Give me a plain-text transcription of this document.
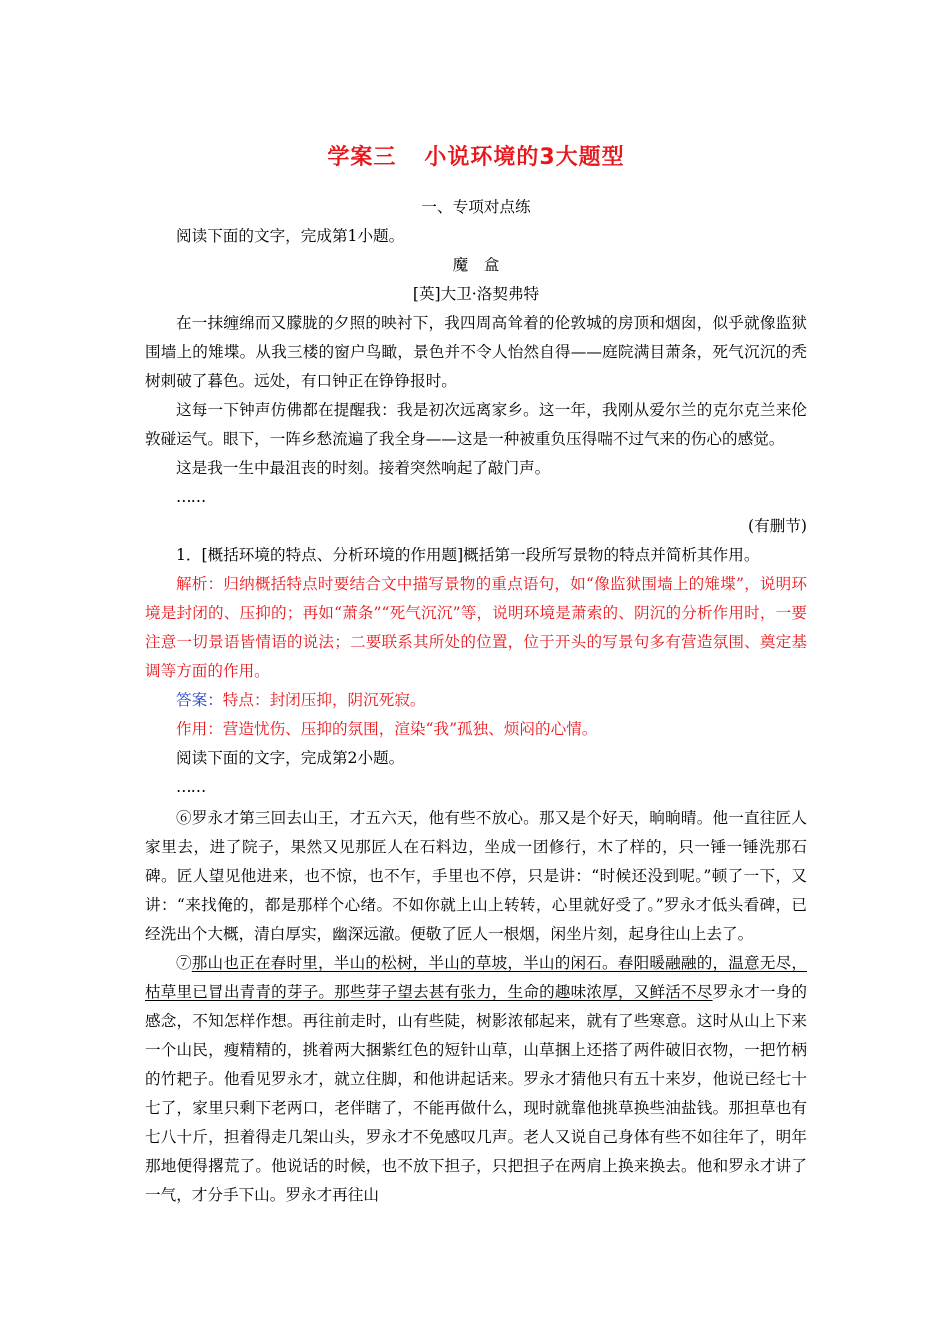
学案三 小说环境的3大题型

一、专项对点练

阅读下面的文字，完成第1小题。

魔　盒

[英]大卫·洛契弗特

在一抹缠绵而又朦胧的夕照的映衬下，我四周高耸着的伦敦城的房顶和烟囱，似乎就像监狱围墙上的雉堞。从我三楼的窗户鸟瞰，景色并不令人怡然自得——庭院满目萧条，死气沉沉的秃树刺破了暮色。远处，有口钟正在铮铮报时。

这每一下钟声仿佛都在提醒我：我是初次远离家乡。这一年，我刚从爱尔兰的克尔克兰来伦敦碰运气。眼下，一阵乡愁流遍了我全身——这是一种被重负压得喘不过气来的伤心的感觉。

这是我一生中最沮丧的时刻。接着突然响起了敲门声。

……

(有删节)

1．[概括环境的特点、分析环境的作用题]概括第一段所写景物的特点并简析其作用。

解析：归纳概括特点时要结合文中描写景物的重点语句，如“像监狱围墙上的雉堞”，说明环境是封闭的、压抑的；再如“萧条”“死气沉沉”等，说明环境是萧索的、阴沉的分析作用时，一要注意一切景语皆情语的说法；二要联系其所处的位置，位于开头的写景句多有营造氛围、奠定基调等方面的作用。

答案：特点：封闭压抑，阴沉死寂。

作用：营造忧伤、压抑的氛围，渲染“我”孤独、烦闷的心情。

阅读下面的文字，完成第2小题。

……

⑥罗永才第三回去山王，才五六天，他有些不放心。那又是个好天，晌晌晴。他一直往匠人家里去，进了院子，果然又见那匠人在石料边，坐成一团修行，木了样的，只一锤一锤洗那石碑。匠人望见他进来，也不惊，也不乍，手里也不停，只是讲：“时候还没到呢。”顿了一下，又讲：“来找俺的，都是那样个心绪。不如你就上山上转转，心里就好受了。”罗永才低头看碑，已经洗出个大概，清白厚实，幽深远澈。便敬了匠人一根烟，闲坐片刻，起身往山上去了。

⑦那山也正在春时里，半山的松树，半山的草坡，半山的闲石。春阳暖融融的，温意无尽，枯草里已冒出青青的芽子。那些芽子望去甚有张力，生命的趣味浓厚，又鲜活不尽罗永才一身的感念，不知怎样作想。再往前走时，山有些陡，树影浓郁起来，就有了些寒意。这时从山上下来一个山民，瘦精精的，挑着两大捆紫红色的短针山草，山草捆上还搭了两件破旧衣物，一把竹柄的竹耙子。他看见罗永才，就立住脚，和他讲起话来。罗永才猜他只有五十来岁，他说已经七十七了，家里只剩下老两口，老伴瞎了，不能再做什么，现时就靠他挑草换些油盐钱。那担草也有七八十斤，担着得走几架山头，罗永才不免感叹几声。老人又说自己身体有些不如往年了，明年那地便得撂荒了。他说话的时候，也不放下担子，只把担子在两肩上换来换去。他和罗永才讲了一气，才分手下山。罗永才再往山
